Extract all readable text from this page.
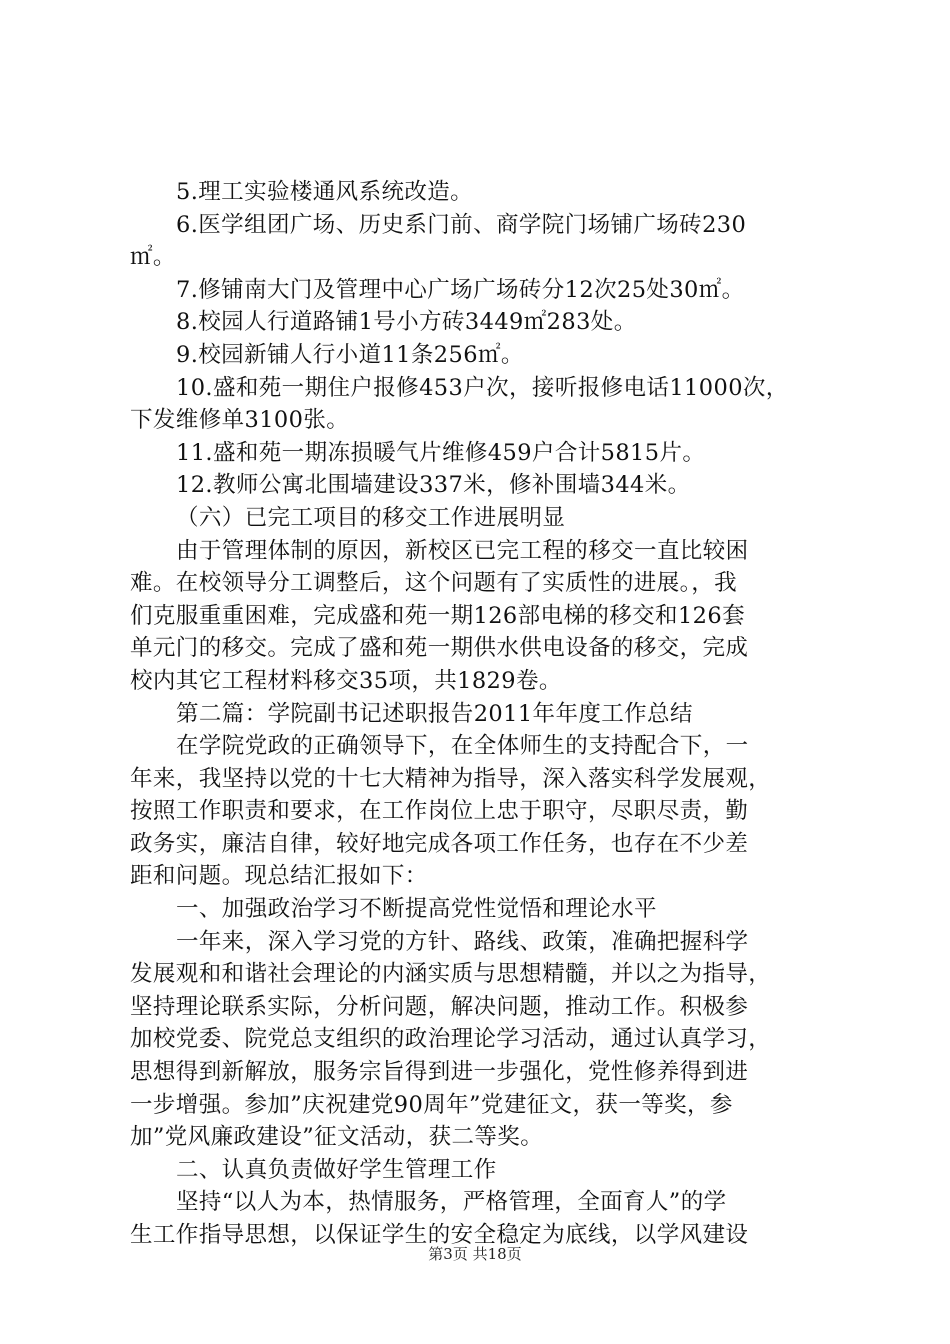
5.理工实验楼通风系统改造。
6.医学组团广场、历史系门前、商学院门场铺广场砖230
㎡。
7.修铺南大门及管理中心广场广场砖分12次25处30㎡。
8.校园人行道路铺1号小方砖3449㎡283处。
9.校园新铺人行小道11条256㎡。
10.盛和苑一期住户报修453户次，接听报修电话11000次，
下发维修单3100张。
11.盛和苑一期冻损暖气片维修459户合计5815片。
12.教师公寓北围墙建设337米，修补围墙344米。
（六）已完工项目的移交工作进展明显
由于管理体制的原因，新校区已完工程的移交一直比较困
难。在校领导分工调整后，这个问题有了实质性的进展。，我
们克服重重困难，完成盛和苑一期126部电梯的移交和126套
单元门的移交。完成了盛和苑一期供水供电设备的移交，完成
校内其它工程材料移交35项，共1829卷。
第二篇：学院副书记述职报告2011年年度工作总结
在学院党政的正确领导下，在全体师生的支持配合下，一
年来，我坚持以党的十七大精神为指导，深入落实科学发展观，
按照工作职责和要求，在工作岗位上忠于职守，尽职尽责，勤
政务实，廉洁自律，较好地完成各项工作任务，也存在不少差
距和问题。现总结汇报如下：
一、加强政治学习不断提高党性觉悟和理论水平
一年来，深入学习党的方针、路线、政策，准确把握科学
发展观和和谐社会理论的内涵实质与思想精髓，并以之为指导，
坚持理论联系实际，分析问题，解决问题，推动工作。积极参
加校党委、院党总支组织的政治理论学习活动，通过认真学习，
思想得到新解放，服务宗旨得到进一步强化，党性修养得到进
一步增强。参加”庆祝建党90周年”党建征文，获一等奖，参
加”党风廉政建设”征文活动，获二等奖。
二、认真负责做好学生管理工作
坚持“以人为本，热情服务，严格管理，全面育人”的学
生工作指导思想，以保证学生的安全稳定为底线，以学风建设
第3页 共18页
